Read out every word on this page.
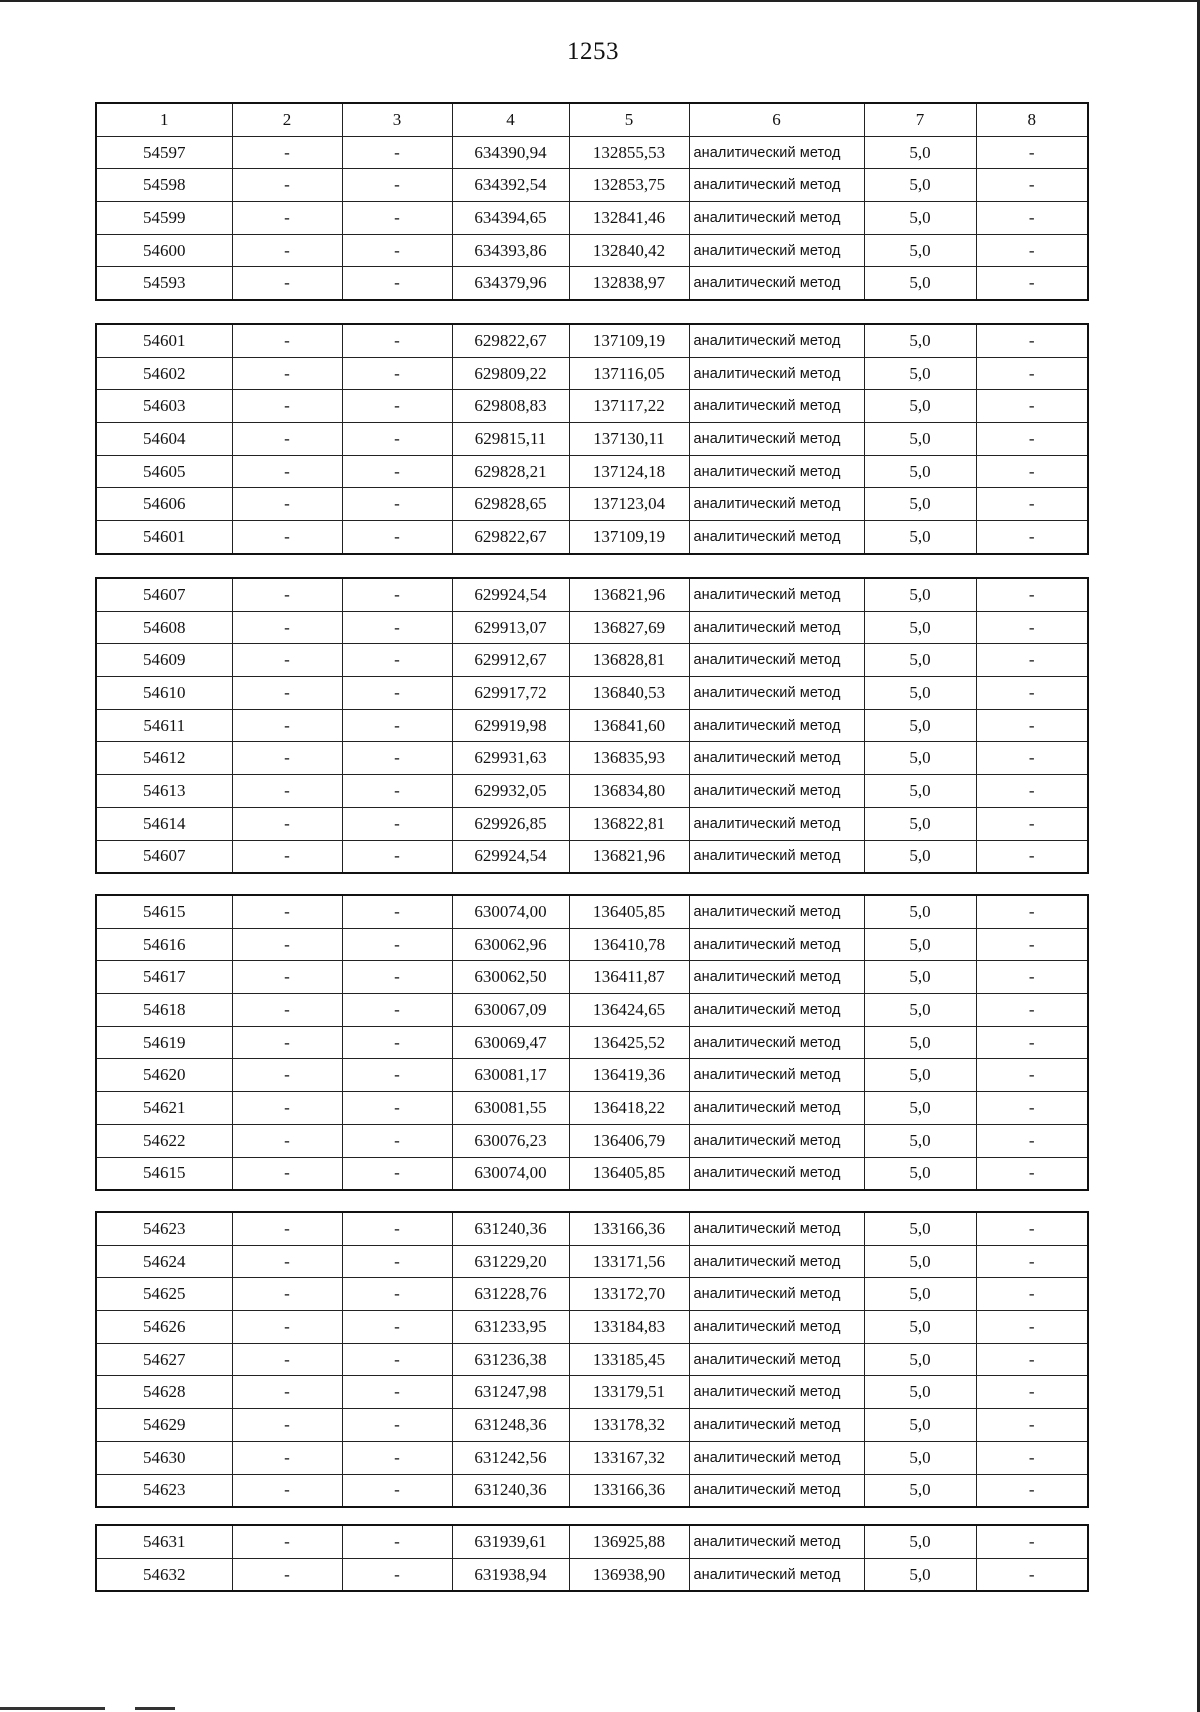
1253
1	2	3	4	5	6	7	8
54597	-	-	634390,94	132855,53	аналитический метод	5,0	-
54598	-	-	634392,54	132853,75	аналитический метод	5,0	-
54599	-	-	634394,65	132841,46	аналитический метод	5,0	-
54600	-	-	634393,86	132840,42	аналитический метод	5,0	-
54593	-	-	634379,96	132838,97	аналитический метод	5,0	-
54601	-	-	629822,67	137109,19	аналитический метод	5,0	-
54602	-	-	629809,22	137116,05	аналитический метод	5,0	-
54603	-	-	629808,83	137117,22	аналитический метод	5,0	-
54604	-	-	629815,11	137130,11	аналитический метод	5,0	-
54605	-	-	629828,21	137124,18	аналитический метод	5,0	-
54606	-	-	629828,65	137123,04	аналитический метод	5,0	-
54601	-	-	629822,67	137109,19	аналитический метод	5,0	-
54607	-	-	629924,54	136821,96	аналитический метод	5,0	-
54608	-	-	629913,07	136827,69	аналитический метод	5,0	-
54609	-	-	629912,67	136828,81	аналитический метод	5,0	-
54610	-	-	629917,72	136840,53	аналитический метод	5,0	-
54611	-	-	629919,98	136841,60	аналитический метод	5,0	-
54612	-	-	629931,63	136835,93	аналитический метод	5,0	-
54613	-	-	629932,05	136834,80	аналитический метод	5,0	-
54614	-	-	629926,85	136822,81	аналитический метод	5,0	-
54607	-	-	629924,54	136821,96	аналитический метод	5,0	-
54615	-	-	630074,00	136405,85	аналитический метод	5,0	-
54616	-	-	630062,96	136410,78	аналитический метод	5,0	-
54617	-	-	630062,50	136411,87	аналитический метод	5,0	-
54618	-	-	630067,09	136424,65	аналитический метод	5,0	-
54619	-	-	630069,47	136425,52	аналитический метод	5,0	-
54620	-	-	630081,17	136419,36	аналитический метод	5,0	-
54621	-	-	630081,55	136418,22	аналитический метод	5,0	-
54622	-	-	630076,23	136406,79	аналитический метод	5,0	-
54615	-	-	630074,00	136405,85	аналитический метод	5,0	-
54623	-	-	631240,36	133166,36	аналитический метод	5,0	-
54624	-	-	631229,20	133171,56	аналитический метод	5,0	-
54625	-	-	631228,76	133172,70	аналитический метод	5,0	-
54626	-	-	631233,95	133184,83	аналитический метод	5,0	-
54627	-	-	631236,38	133185,45	аналитический метод	5,0	-
54628	-	-	631247,98	133179,51	аналитический метод	5,0	-
54629	-	-	631248,36	133178,32	аналитический метод	5,0	-
54630	-	-	631242,56	133167,32	аналитический метод	5,0	-
54623	-	-	631240,36	133166,36	аналитический метод	5,0	-
54631	-	-	631939,61	136925,88	аналитический метод	5,0	-
54632	-	-	631938,94	136938,90	аналитический метод	5,0	-
